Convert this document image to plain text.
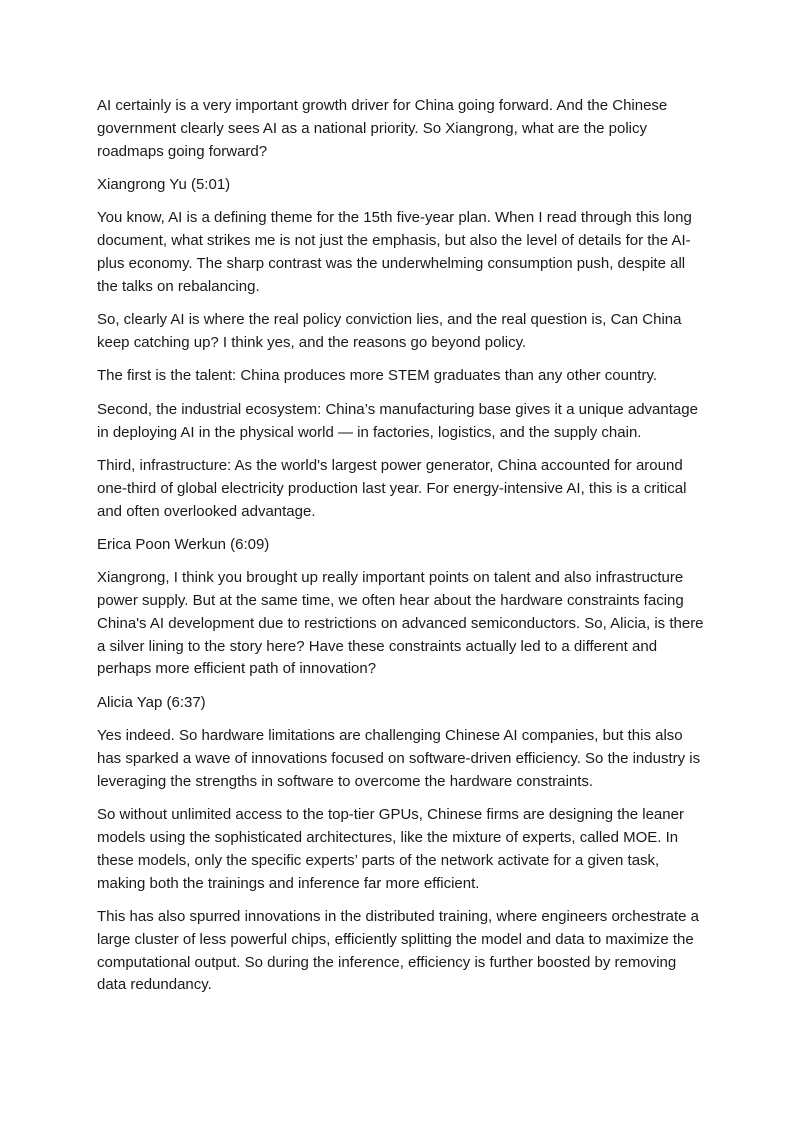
AI certainly is a very important growth driver for China going forward. And the Chinese government clearly sees AI as a national priority. So Xiangrong, what are the policy roadmaps going forward?

Xiangrong Yu (5:01)

You know, AI is a defining theme for the 15th five-year plan. When I read through this long document, what strikes me is not just the emphasis, but also the level of details for the AI-plus economy. The sharp contrast was the underwhelming consumption push, despite all the talks on rebalancing.

So, clearly AI is where the real policy conviction lies, and the real question is, Can China keep catching up? I think yes, and the reasons go beyond policy.

The first is the talent: China produces more STEM graduates than any other country.

Second, the industrial ecosystem: China’s manufacturing base gives it a unique advantage in deploying AI in the physical world — in factories, logistics, and the supply chain.

Third, infrastructure: As the world's largest power generator, China accounted for around one-third of global electricity production last year. For energy-intensive AI, this is a critical and often overlooked advantage.

Erica Poon Werkun (6:09)

Xiangrong, I think you brought up really important points on talent and also infrastructure power supply. But at the same time, we often hear about the hardware constraints facing China's AI development due to restrictions on advanced semiconductors. So, Alicia, is there a silver lining to the story here? Have these constraints actually led to a different and perhaps more efficient path of innovation?

Alicia Yap (6:37)

Yes indeed. So hardware limitations are challenging Chinese AI companies, but this also has sparked a wave of innovations focused on software-driven efficiency. So the industry is leveraging the strengths in software to overcome the hardware constraints.

So without unlimited access to the top-tier GPUs, Chinese firms are designing the leaner models using the sophisticated architectures, like the mixture of experts, called MOE. In these models, only the specific experts’ parts of the network activate for a given task, making both the trainings and inference far more efficient.

This has also spurred innovations in the distributed training, where engineers orchestrate a large cluster of less powerful chips, efficiently splitting the model and data to maximize the computational output. So during the inference, efficiency is further boosted by removing data redundancy.
